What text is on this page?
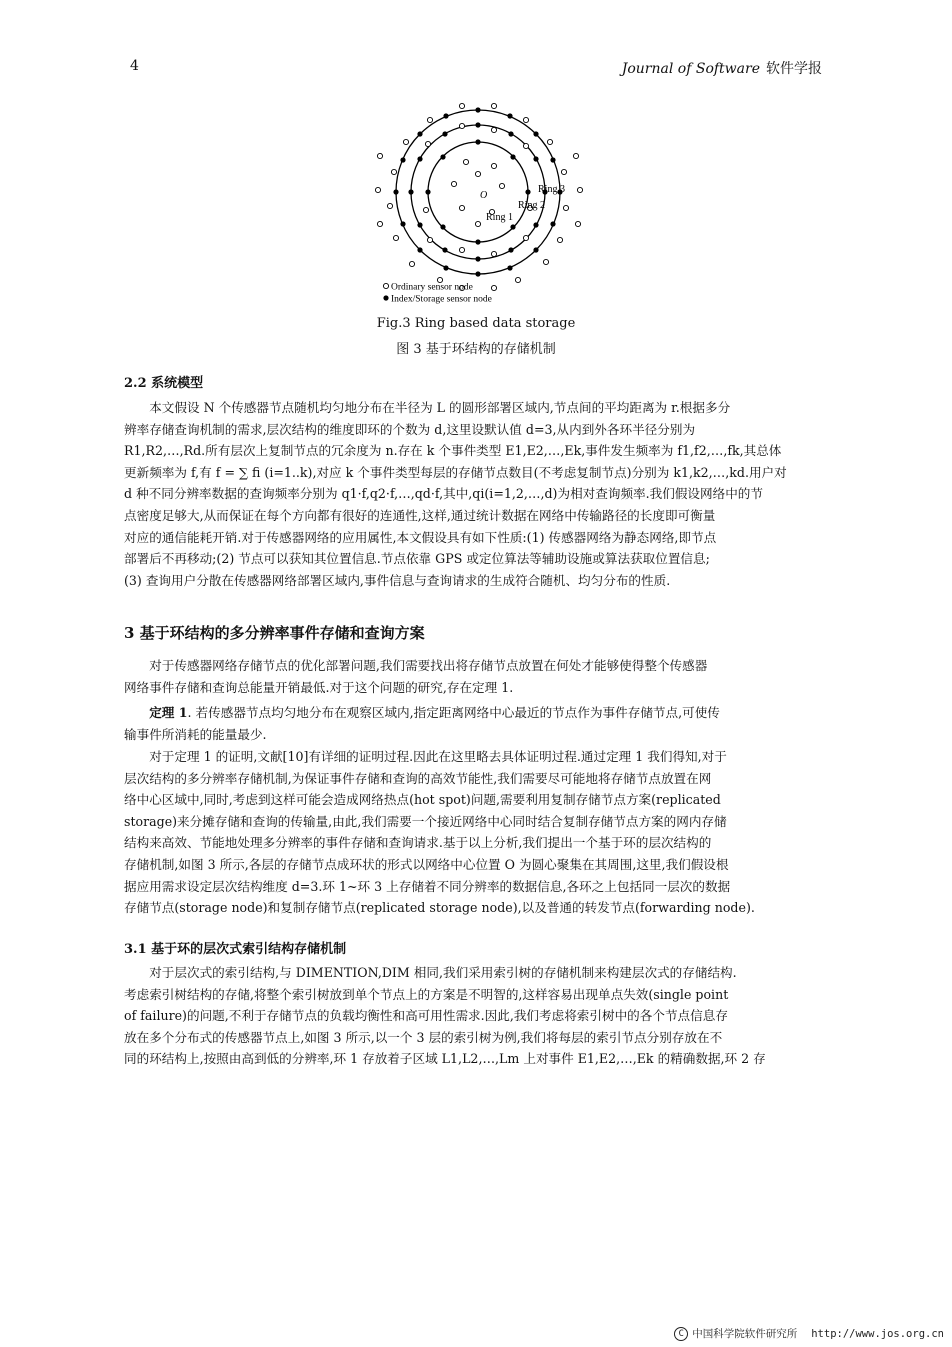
4	Journal of Software 软件学报
O
Ring 3
Ring 2
Ring 1
Ordinary sensor node
Index/Storage sensor node
Fig.3 Ring based data storage
图 3 基于环结构的存储机制
2.2 系统模型
本文假设 N 个传感器节点随机均匀地分布在半径为 L 的圆形部署区域内,节点间的平均距离为 r.根据多分
辨率存储查询机制的需求,层次结构的维度即环的个数为 d,这里设默认值 d=3,从内到外各环半径分别为
R1,R2,…,Rd.所有层次上复制节点的冗余度为 n.存在 k 个事件类型 E1,E2,…,Ek,事件发生频率为 f1,f2,…,fk,其总体
更新频率为 f,有 f = ∑ fi (i=1..k),对应 k 个事件类型每层的存储节点数目(不考虑复制节点)分别为 k1,k2,…,kd.用户对
d 种不同分辨率数据的查询频率分别为 q1·f,q2·f,…,qd·f,其中,qi(i=1,2,…,d)为相对查询频率.我们假设网络中的节
点密度足够大,从而保证在每个方向都有很好的连通性,这样,通过统计数据在网络中传输路径的长度即可衡量
对应的通信能耗开销.对于传感器网络的应用属性,本文假设具有如下性质:(1) 传感器网络为静态网络,即节点
部署后不再移动;(2) 节点可以获知其位置信息.节点依靠 GPS 或定位算法等辅助设施或算法获取位置信息;
(3) 查询用户分散在传感器网络部署区域内,事件信息与查询请求的生成符合随机、均匀分布的性质.
3 基于环结构的多分辨率事件存储和查询方案
对于传感器网络存储节点的优化部署问题,我们需要找出将存储节点放置在何处才能够使得整个传感器
网络事件存储和查询总能量开销最低.对于这个问题的研究,存在定理 1.
定理 1. 若传感器节点均匀地分布在观察区域内,指定距离网络中心最近的节点作为事件存储节点,可使传
输事件所消耗的能量最少.
对于定理 1 的证明,文献[10]有详细的证明过程.因此在这里略去具体证明过程.通过定理 1 我们得知,对于
层次结构的多分辨率存储机制,为保证事件存储和查询的高效节能性,我们需要尽可能地将存储节点放置在网
络中心区域中,同时,考虑到这样可能会造成网络热点(hot spot)问题,需要利用复制存储节点方案(replicated
storage)来分摊存储和查询的传输量,由此,我们需要一个接近网络中心同时结合复制存储节点方案的网内存储
结构来高效、节能地处理多分辨率的事件存储和查询请求.基于以上分析,我们提出一个基于环的层次结构的
存储机制,如图 3 所示,各层的存储节点成环状的形式以网络中心位置 O 为圆心聚集在其周围,这里,我们假设根
据应用需求设定层次结构维度 d=3.环 1~环 3 上存储着不同分辨率的数据信息,各环之上包括同一层次的数据
存储节点(storage node)和复制存储节点(replicated storage node),以及普通的转发节点(forwarding node).
3.1 基于环的层次式索引结构存储机制
对于层次式的索引结构,与 DIMENTION,DIM 相同,我们采用索引树的存储机制来构建层次式的存储结构.
考虑索引树结构的存储,将整个索引树放到单个节点上的方案是不明智的,这样容易出现单点失效(single point
of failure)的问题,不利于存储节点的负载均衡性和高可用性需求.因此,我们考虑将索引树中的各个节点信息存
放在多个分布式的传感器节点上,如图 3 所示,以一个 3 层的索引树为例,我们将每层的索引节点分别存放在不
同的环结构上,按照由高到低的分辨率,环 1 存放着子区域 L1,L2,…,Lm 上对事件 E1,E2,…,Ek 的精确数据,环 2 存
C 中国科学院软件研究所 http://www.jos.org.cn
